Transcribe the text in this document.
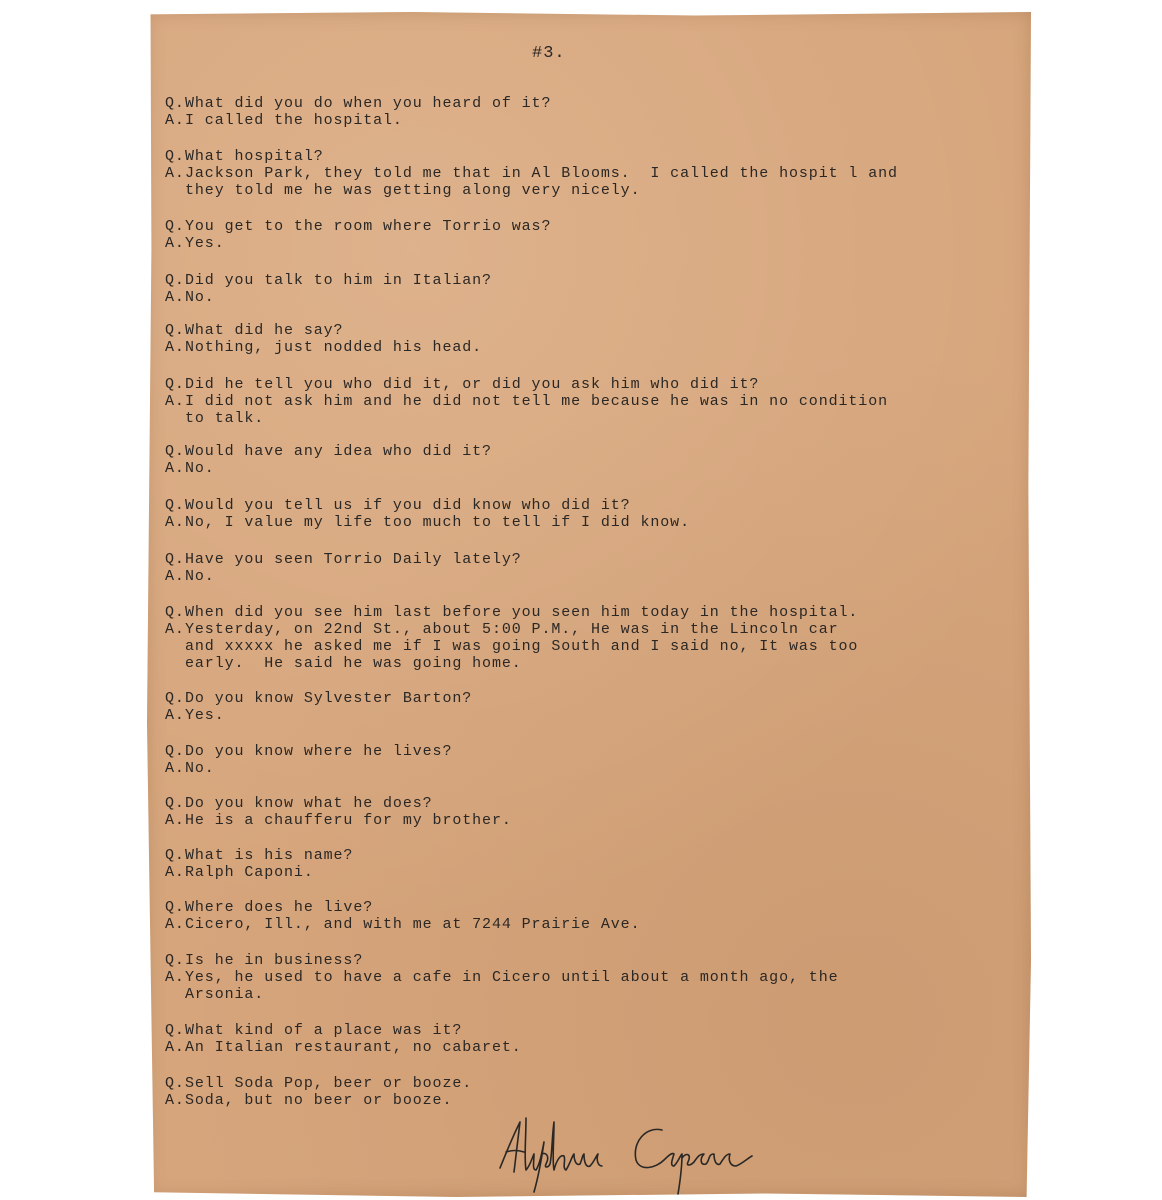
#3.
Q.What did you do when you heard of it?
A.I called the hospital.
Q.What hospital?
A.Jackson Park, they told me that in Al Blooms.  I called the hospit l and
they told me he was getting along very nicely.
Q.You get to the room where Torrio was?
A.Yes.
Q.Did you talk to him in Italian?
A.No.
Q.What did he say?
A.Nothing, just nodded his head.
Q.Did he tell you who did it, or did you ask him who did it?
A.I did not ask him and he did not tell me because he was in no condition
to talk.
Q.Would have any idea who did it?
A.No.
Q.Would you tell us if you did know who did it?
A.No, I value my life too much to tell if I did know.
Q.Have you seen Torrio Daily lately?
A.No.
Q.When did you see him last before you seen him today in the hospital.
A.Yesterday, on 22nd St., about 5:00 P.M., He was in the Lincoln car
and xxxxx he asked me if I was going South and I said no, It was too
early.  He said he was going home.
Q.Do you know Sylvester Barton?
A.Yes.
Q.Do you know where he lives?
A.No.
Q.Do you know what he does?
A.He is a chaufferu for my brother.
Q.What is his name?
A.Ralph Caponi.
Q.Where does he live?
A.Cicero, Ill., and with me at 7244 Prairie Ave.
Q.Is he in business?
A.Yes, he used to have a cafe in Cicero until about a month ago, the
Arsonia.
Q.What kind of a place was it?
A.An Italian restaurant, no cabaret.
Q.Sell Soda Pop, beer or booze.
A.Soda, but no beer or booze.
